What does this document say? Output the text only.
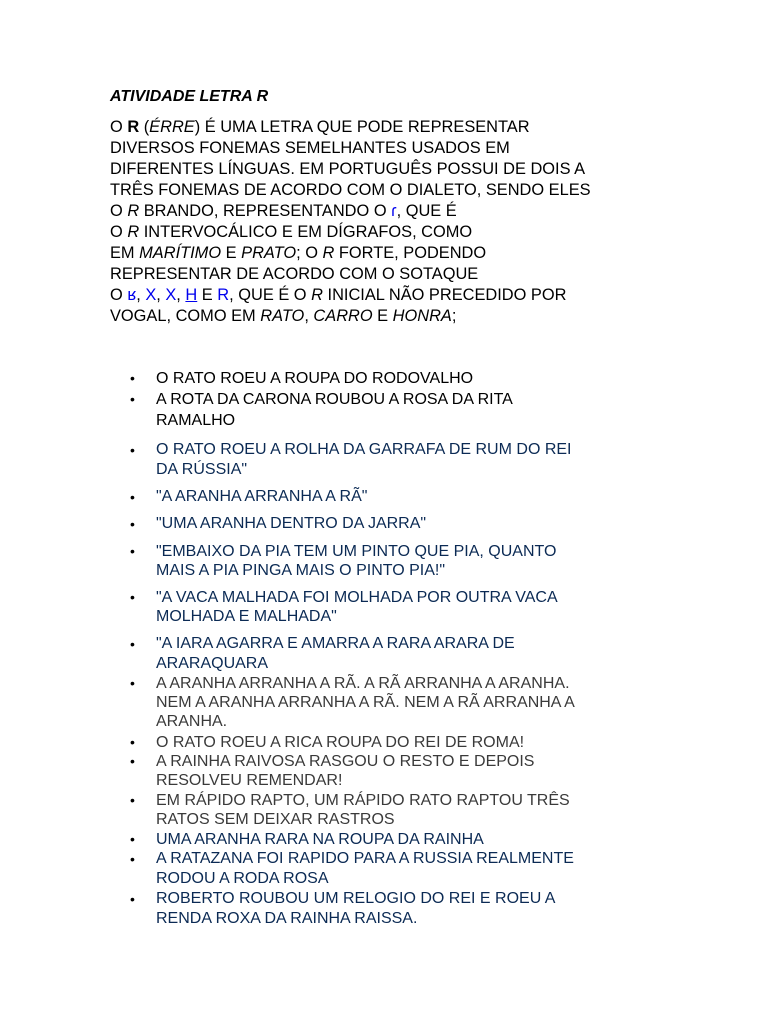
ATIVIDADE LETRA R
O R (ÉRRE) É UMA LETRA QUE PODE REPRESENTAR
DIVERSOS FONEMAS SEMELHANTES USADOS EM
DIFERENTES LÍNGUAS. EM PORTUGUÊS POSSUI DE DOIS A
TRÊS FONEMAS DE ACORDO COM O DIALETO, SENDO ELES
O R BRANDO, REPRESENTANDO O ɾ, QUE É
O R INTERVOCÁLICO E EM DÍGRAFOS, COMO
EM MARÍTIMO E PRATO; O R FORTE, PODENDO
REPRESENTAR DE ACORDO COM O SOTAQUE
O ʁ, X, Χ, H E R, QUE É O R INICIAL NÃO PRECEDIDO POR
VOGAL, COMO EM RATO, CARRO E HONRA;
• O RATO ROEU A ROUPA DO RODOVALHO
• A ROTA DA CARONA ROUBOU A ROSA DA RITA
RAMALHO
• O RATO ROEU A ROLHA DA GARRAFA DE RUM DO REI
DA RÚSSIA"
• "A ARANHA ARRANHA A RÃ"
• "UMA ARANHA DENTRO DA JARRA"
• "EMBAIXO DA PIA TEM UM PINTO QUE PIA, QUANTO
MAIS A PIA PINGA MAIS O PINTO PIA!"
• "A VACA MALHADA FOI MOLHADA POR OUTRA VACA
MOLHADA E MALHADA"
• "A IARA AGARRA E AMARRA A RARA ARARA DE
ARARAQUARA
• A ARANHA ARRANHA A RÃ. A RÃ ARRANHA A ARANHA.
NEM A ARANHA ARRANHA A RÃ. NEM A RÃ ARRANHA A
ARANHA.
• O RATO ROEU A RICA ROUPA DO REI DE ROMA!
• A RAINHA RAIVOSA RASGOU O RESTO E DEPOIS
RESOLVEU REMENDAR!
• EM RÁPIDO RAPTO, UM RÁPIDO RATO RAPTOU TRÊS
RATOS SEM DEIXAR RASTROS
• UMA ARANHA RARA NA ROUPA DA RAINHA
• A RATAZANA FOI RAPIDO PARA A RUSSIA REALMENTE
RODOU A RODA ROSA
• ROBERTO ROUBOU UM RELOGIO DO REI E ROEU A
RENDA ROXA DA RAINHA RAISSA.
